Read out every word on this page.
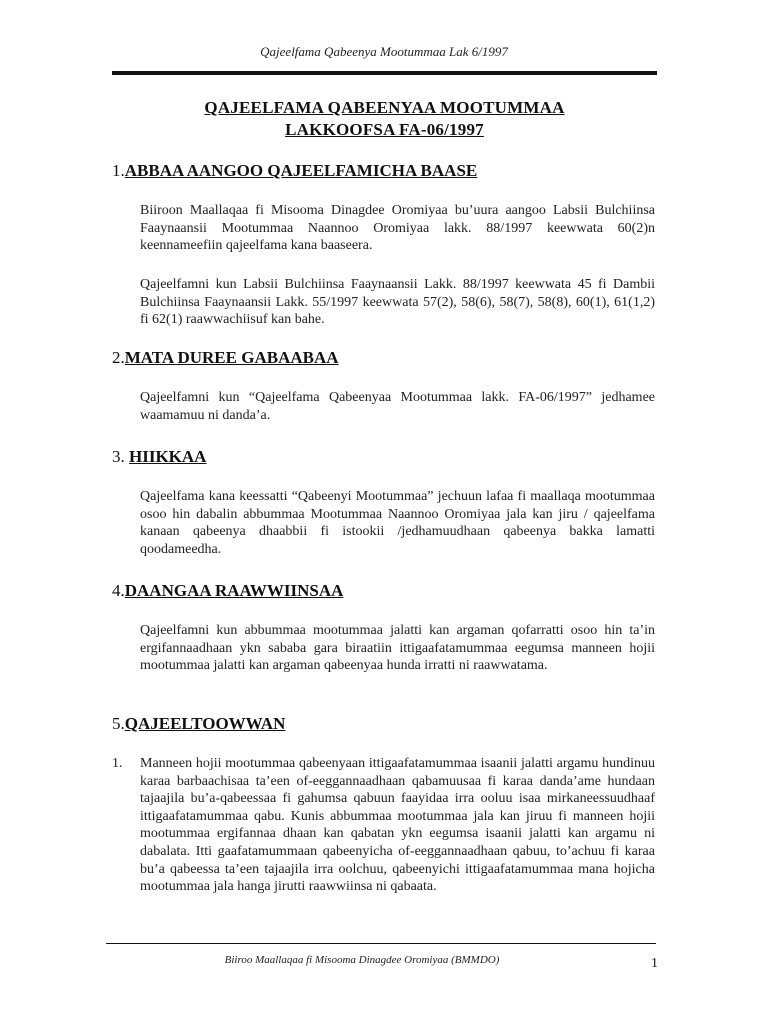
Qajeelfama Qabeenya Mootummaa Lak 6/1997
QAJEELFAMA QABEENYAA MOOTUMMAA
LAKKOOFSA FA-06/1997
1.ABBAA AANGOO QAJEELFAMICHA BAASE
Biiroon Maallaqaa fi Misooma Dinagdee Oromiyaa bu’uura aangoo Labsii Bulchiinsa Faaynaansii Mootummaa Naannoo Oromiyaa lakk. 88/1997 keewwata 60(2)n keennameefiin qajeelfama kana baaseera.
Qajeelfamni kun Labsii Bulchiinsa Faaynaansii Lakk. 88/1997 keewwata 45 fi Dambii Bulchiinsa Faaynaansii Lakk. 55/1997 keewwata 57(2), 58(6), 58(7), 58(8), 60(1), 61(1,2) fi 62(1) raawwachiisuf kan bahe.
2.MATA DUREE GABAABAA
Qajeelfamni kun “Qajeelfama Qabeenyaa Mootummaa lakk. FA-06/1997” jedhamee waamamuu ni danda’a.
3. HIIKKAA
Qajeelfama kana keessatti “Qabeenyi Mootummaa” jechuun lafaa fi maallaqa mootummaa osoo hin dabalin abbummaa Mootummaa Naannoo Oromiyaa jala kan jiru / qajeelfama kanaan qabeenya dhaabbii fi istookii /jedhamuudhaan qabeenya bakka lamatti qoodameedha.
4.DAANGAA RAAWWIINSAA
Qajeelfamni kun abbummaa mootummaa jalatti kan argaman qofarratti osoo hin ta’in ergifannaadhaan ykn sababa gara biraatiin ittigaafatamummaa eegumsa manneen hojii mootummaa jalatti kan argaman qabeenyaa hunda irratti ni raawwatama.
5.QAJEELTOOWWAN
1. Manneen hojii mootummaa qabeenyaan ittigaafatamummaa isaanii jalatti argamu hundinuu karaa barbaachisaa ta’een of-eeggannaadhaan qabamuusaa fi karaa danda’ame hundaan tajaajila bu’a-qabeessaa fi gahumsa qabuun faayidaa irra ooluu isaa mirkaneessuudhaaf ittigaafatamummaa qabu. Kunis abbummaa mootummaa jala kan jiruu fi manneen hojii mootummaa ergifannaa dhaan kan qabatan ykn eegumsa isaanii jalatti kan argamu ni dabalata. Itti gaafatamummaan qabeenyicha of-eeggannaadhaan qabuu, to’achuu fi karaa bu’a qabeessa ta’een tajaajila irra oolchuu, qabeenyichi ittigaafatamummaa mana hojicha mootummaa jala hanga jirutti raawwiinsa ni qabaata.
Biiroo Maallaqaa fi Misooma Dinagdee Oromiyaa (BMMDO)	1
